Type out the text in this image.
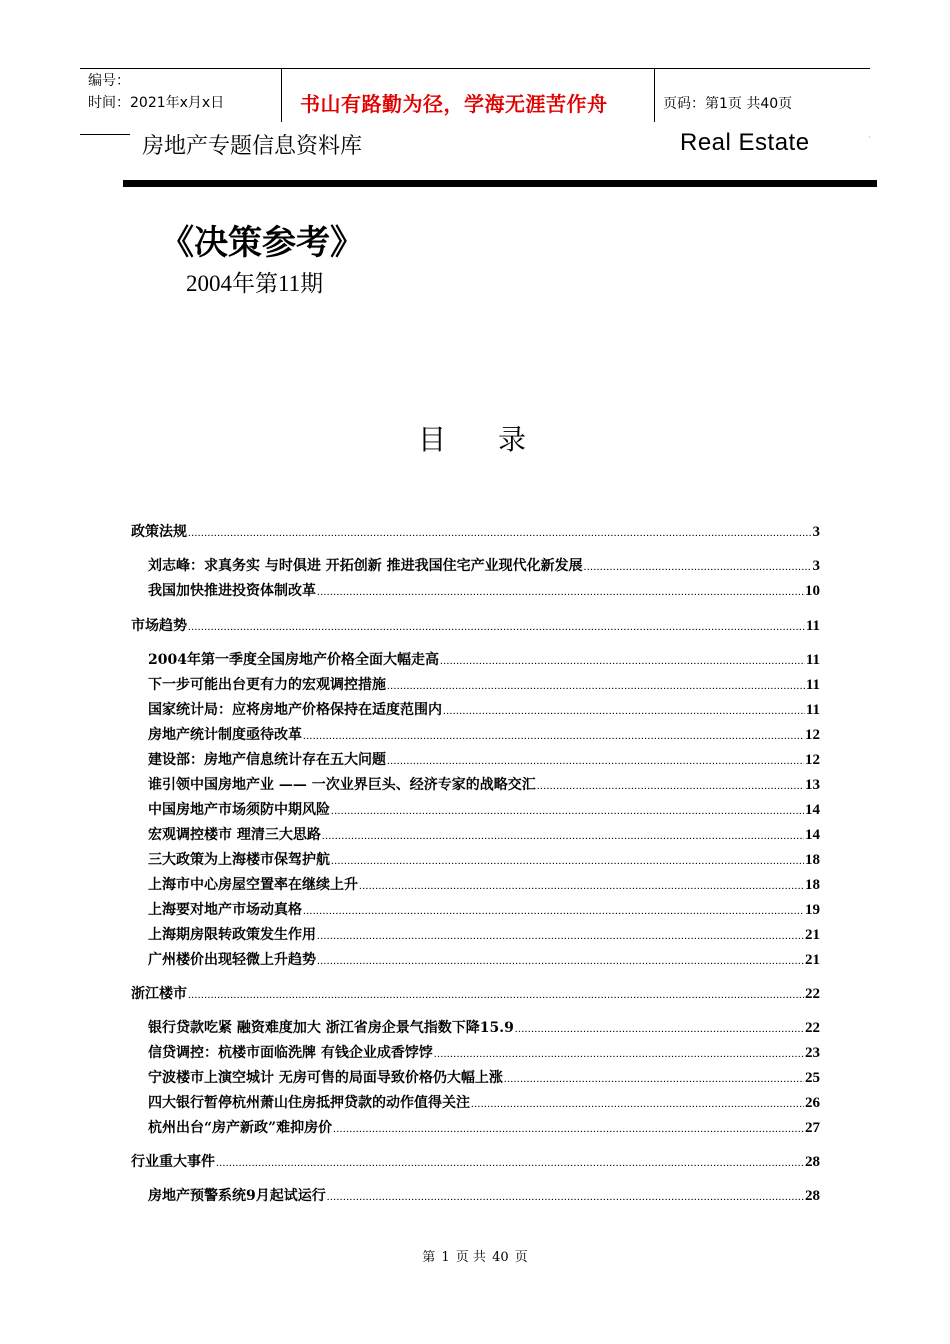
编号：
时间：2021年x月x日	书山有路勤为径，学海无涯苦作舟	页码：第1页 共40页
房地产专题信息资料库	Real Estate	·
《决策参考》
2004年第11期
目录
政策法规 .....	3
刘志峰：求真务实 与时俱进 开拓创新 推进我国住宅产业现代化新发展 .....	3
我国加快推进投资体制改革 .....	10
市场趋势 .....	11
2004年第一季度全国房地产价格全面大幅走高 .....	11
下一步可能出台更有力的宏观调控措施 .....	11
国家统计局：应将房地产价格保持在适度范围内 .....	11
房地产统计制度亟待改革 .....	12
建设部：房地产信息统计存在五大问题 .....	12
谁引领中国房地产业 —— 一次业界巨头、经济专家的战略交汇 .....	13
中国房地产市场须防中期风险 .....	14
宏观调控楼市 理清三大思路 .....	14
三大政策为上海楼市保驾护航 .....	18
上海市中心房屋空置率在继续上升 .....	18
上海要对地产市场动真格 .....	19
上海期房限转政策发生作用 .....	21
广州楼价出现轻微上升趋势 .....	21
浙江楼市 .....	22
银行贷款吃紧 融资难度加大 浙江省房企景气指数下降15.9 .....	22
信贷调控：杭楼市面临洗牌 有钱企业成香饽饽 .....	23
宁波楼市上演空城计 无房可售的局面导致价格仍大幅上涨 .....	25
四大银行暂停杭州萧山住房抵押贷款的动作值得关注 .....	26
杭州出台“房产新政”难抑房价 .....	27
行业重大事件 .....	28
房地产预警系统9月起试运行 .....	28
第 1 页 共 40 页
